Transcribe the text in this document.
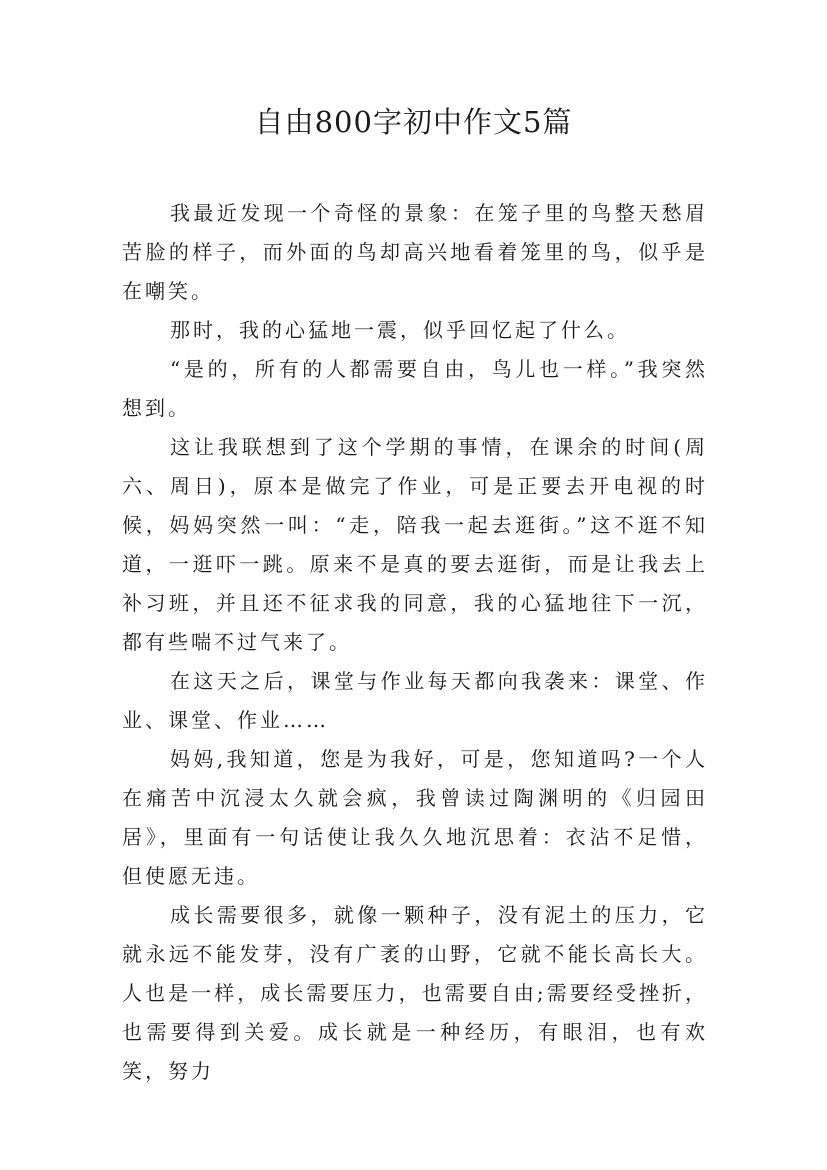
自由800字初中作文5篇

我最近发现一个奇怪的景象：在笼子里的鸟整天愁眉苦脸的样子，而外面的鸟却高兴地看着笼里的鸟，似乎是在嘲笑。

那时，我的心猛地一震，似乎回忆起了什么。

“是的，所有的人都需要自由，鸟儿也一样。”我突然想到。

这让我联想到了这个学期的事情，在课余的时间(周六、周日)，原本是做完了作业，可是正要去开电视的时候，妈妈突然一叫：“走，陪我一起去逛街。”这不逛不知道，一逛吓一跳。原来不是真的要去逛街，而是让我去上补习班，并且还不征求我的同意，我的心猛地往下一沉，都有些喘不过气来了。

在这天之后，课堂与作业每天都向我袭来：课堂、作业、课堂、作业……

妈妈,我知道，您是为我好，可是，您知道吗?一个人在痛苦中沉浸太久就会疯，我曾读过陶渊明的《归园田居》，里面有一句话使让我久久地沉思着：衣沾不足惜，但使愿无违。

成长需要很多，就像一颗种子，没有泥土的压力，它就永远不能发芽，没有广袤的山野，它就不能长高长大。人也是一样，成长需要压力，也需要自由;需要经受挫折，也需要得到关爱。成长就是一种经历，有眼泪，也有欢笑，努力
